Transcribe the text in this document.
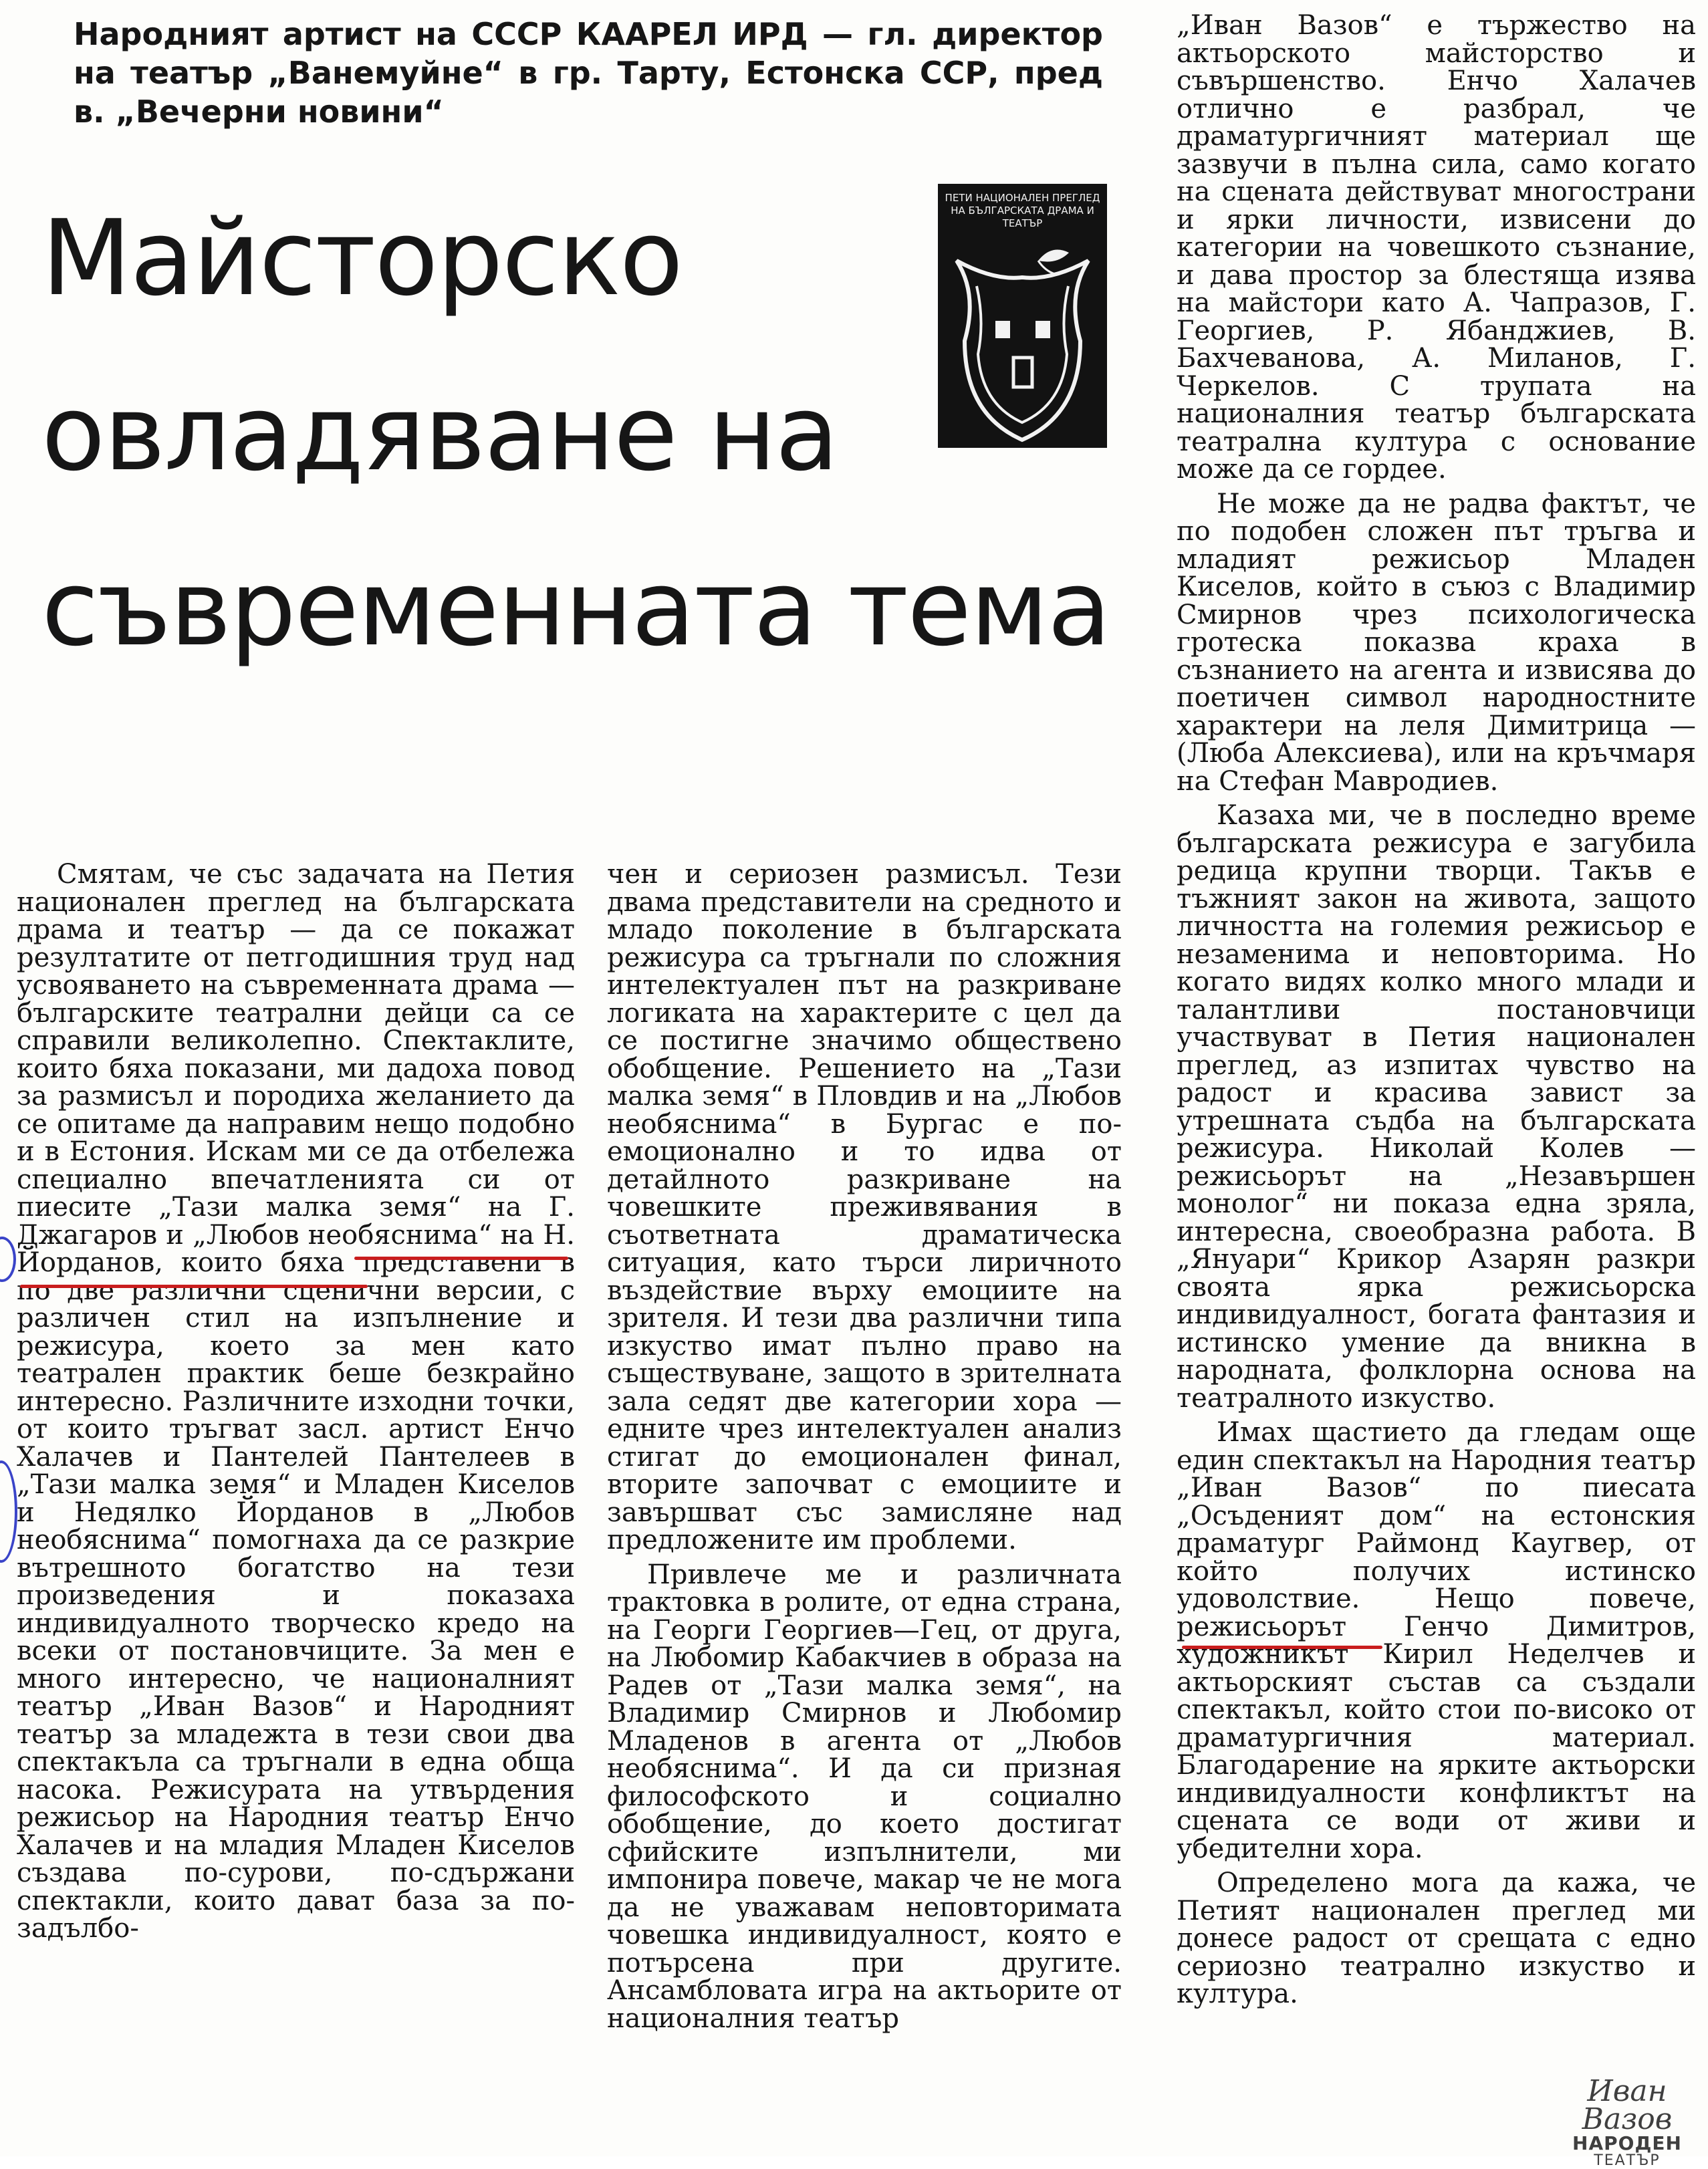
Народният артист на СССР КААРЕЛ ИРД — гл. директор на театър „Ванемуйне“ в гр. Тарту, Естонска ССР, пред в. „Вечерни новини“

Майсторско овладяване на съвременната тема
ПЕТИ НАЦИОНАЛЕН ПРЕГЛЕД НА БЪЛГАРСКАТА ДРАМА И ТЕАТЪР

Смятам, че със задачата на Петия национален преглед на българската драма и театър — да се покажат резултатите от петгодишния труд над усвояването на съвременната драма — българските театрални дейци са се справили великолепно. Спектаклите, които бяха показани, ми дадоха повод за размисъл и породиха желанието да се опитаме да направим нещо подобно и в Естония. Искам ми се да отбележа специално впечатленията си от пиесите „Тази малка земя“ на Г. Джагаров и „Любов необяснима“ на Н. Йорданов, които бяха представени в по две различни сценични версии, с различен стил на изпълнение и режисура, което за мен като театрален практик беше безкрайно интересно. Различните изходни точки, от които тръгват засл. артист Енчо Халачев и Пантелей Пантелеев в „Тази малка земя“ и Младен Киселов и Недялко Йорданов в „Любов необяснима“ помогнаха да се разкрие вътрешното богатство на тези произведения и показаха индивидуалното творческо кредо на всеки от постановчиците. За мен е много интересно, че националният театър „Иван Вазов“ и Народният театър за младежта в тези свои два спектакъла са тръгнали в една обща насока. Режисурата на утвърдения режисьор на Народния театър Енчо Халачев и на младия Младен Киселов създава по-сурови, по-сдържани спектакли, които дават база за по-задълбо-

чен и сериозен размисъл. Тези двама представители на средното и младо поколение в българската режисура са тръгнали по сложния интелектуален път на разкриване логиката на характерите с цел да се постигне значимо обществено обобщение. Решението на „Тази малка земя“ в Пловдив и на „Любов необяснима“ в Бургас е по-емоционално и то идва от детайлното разкриване на човешките преживявания в съответната драматическа ситуация, като търси лиричното въздействие върху емоциите на зрителя. И тези два различни типа изкуство имат пълно право на съществуване, защото в зрителната зала седят две категории хора — едните чрез интелектуален анализ стигат до емоционален финал, вторите започват с емоциите и завършват със замисляне над предложените им проблеми.

Привлече ме и различната трактовка в ролите, от една страна, на Георги Георгиев—Гец, от друга, на Любомир Кабакчиев в образа на Радев от „Тази малка земя“, на Владимир Смирнов и Любомир Младенов в агента от „Любов необяснима“. И да си призная философското и социално обобщение, до което достигат сфийските изпълнители, ми импонира повече, макар че не мога да не уважавам неповторимата човешка индивидуалност, която е потърсена при другите. Ансамбловата игра на актьорите от националния театър

„Иван Вазов“ е тържество на актьорското майсторство и съвършенство. Енчо Халачев отлично е разбрал, че драматургичният материал ще зазвучи в пълна сила, само когато на сцената действуват многострани и ярки личности, извисени до категории на човешкото съзнание, и дава простор за блестяща изява на майстори като А. Чапразов, Г. Георгиев, Р. Ябанджиев, В. Бахчеванова, А. Миланов, Г. Черкелов. С трупата на националния театър българската театрална култура с основание може да се гордее.

Не може да не радва фактът, че по подобен сложен път тръгва и младият режисьор Младен Киселов, който в съюз с Владимир Смирнов чрез психологическа гротеска показва краха в съзнанието на агента и извисява до поетичен символ народностните характери на леля Димитрица — (Люба Алексиева), или на кръчмаря на Стефан Мавродиев.

Казаха ми, че в последно време българската режисура е загубила редица крупни творци. Такъв е тъжният закон на живота, защото личността на големия режисьор е незаменима и неповторима. Но когато видях колко много млади и талантливи постановчици участвуват в Петия национален преглед, аз изпитах чувство на радост и красива завист за утрешната съдба на българската режисура. Николай Колев — режисьорът на „Незавършен монолог“ ни показа една зряла, интересна, своеобразна работа. В „Януари“ Крикор Азарян разкри своята ярка режисьорска индивидуалност, богата фантазия и истинско умение да вникна в народната, фолклорна основа на театралното изкуство.

Имах щастието да гледам още един спектакъл на Народния театър „Иван Вазов“ по пиесата „Осъденият дом“ на естонския драматург Раймонд Каугвер, от който получих истинско удоволствие. Нещо повече, режисьорът Генчо Димитров, художникът Кирил Неделчев и актьорският състав са създали спектакъл, който стои по-високо от драматургичния материал. Благодарение на ярките актьорски индивидуалности конфликтът на сцената се води от живи и убедителни хора.

Определено мога да кажа, че Петият национален преглед ми донесе радост от срещата с едно сериозно театрално изкуство и култура.

Иван Вазов
НАРОДЕН
ТЕАТЪР
